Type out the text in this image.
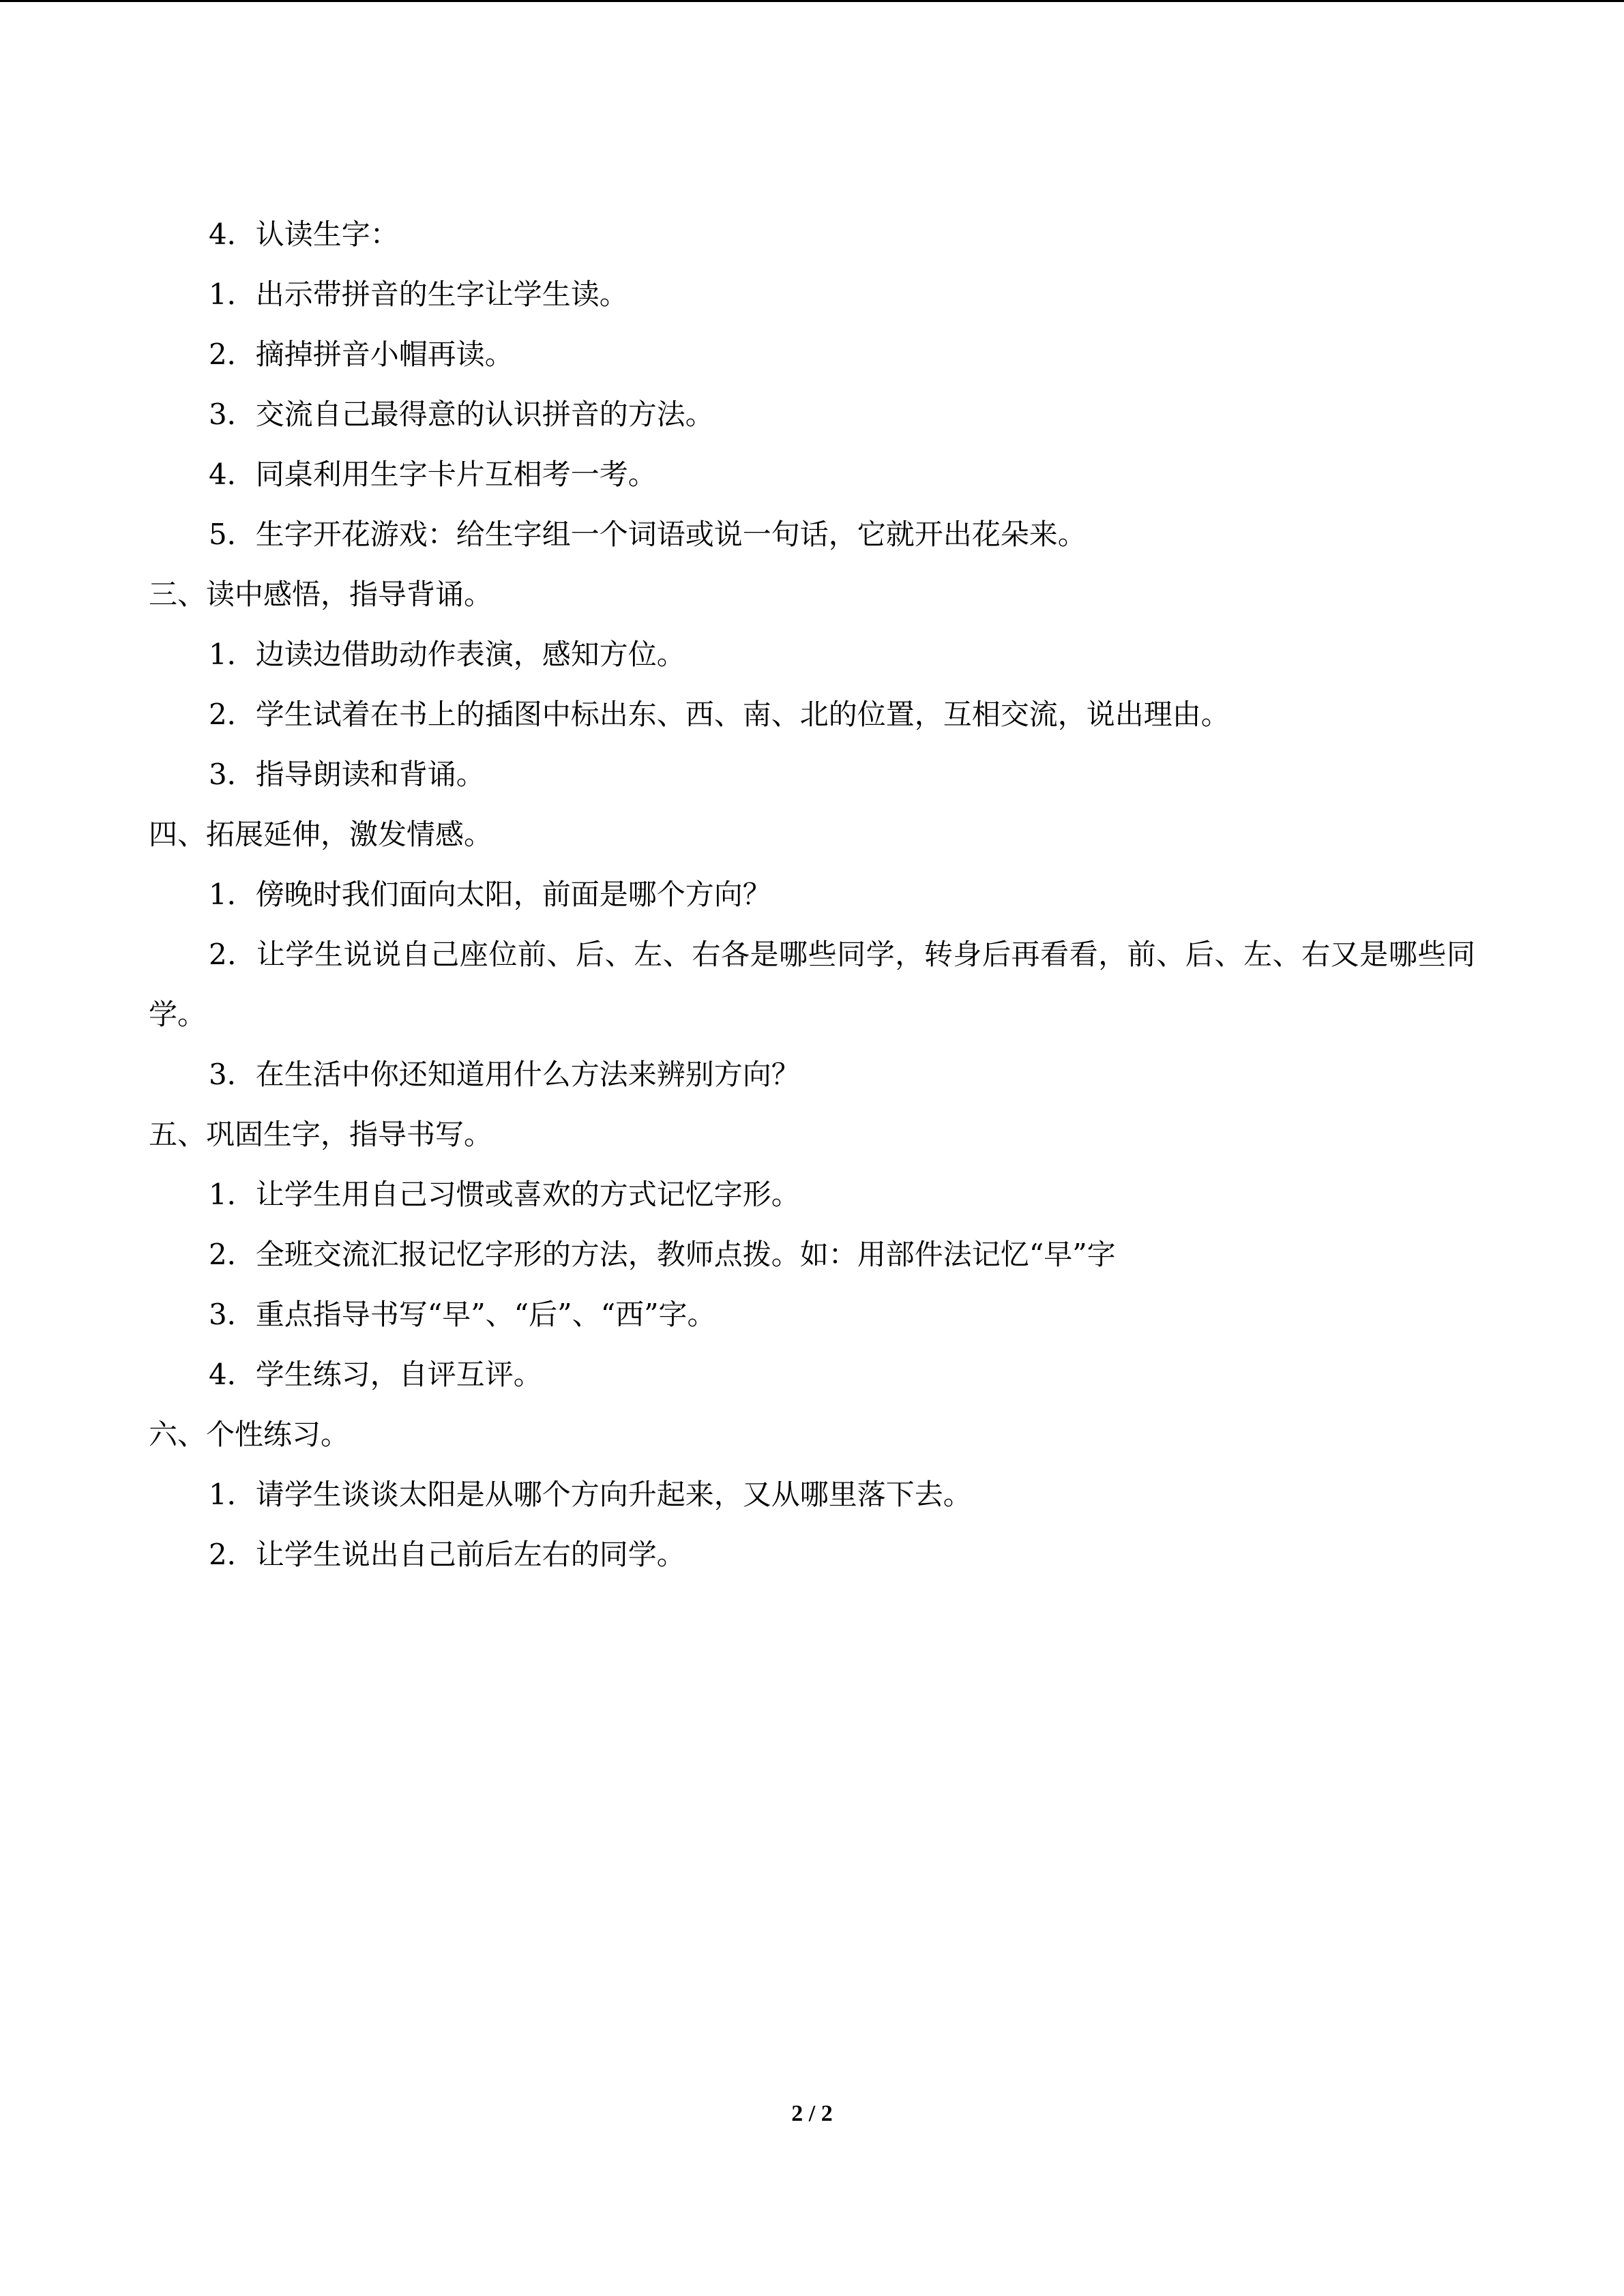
4．认读生字：

1．出示带拼音的生字让学生读。

2．摘掉拼音小帽再读。

3．交流自己最得意的认识拼音的方法。

4．同桌利用生字卡片互相考一考。

5．生字开花游戏：给生字组一个词语或说一句话，它就开出花朵来。

三、读中感悟，指导背诵。

1．边读边借助动作表演，感知方位。

2．学生试着在书上的插图中标出东、西、南、北的位置，互相交流，说出理由。

3．指导朗读和背诵。

四、拓展延伸，激发情感。

1．傍晚时我们面向太阳，前面是哪个方向？

2．让学生说说自己座位前、后、左、右各是哪些同学，转身后再看看，前、后、左、右又是哪些同学。

3．在生活中你还知道用什么方法来辨别方向？

五、巩固生字，指导书写。

1．让学生用自己习惯或喜欢的方式记忆字形。

2．全班交流汇报记忆字形的方法，教师点拨。如：用部件法记忆“早”字

3．重点指导书写“早”、“后”、“西”字。

4．学生练习，自评互评。

六、个性练习。

1．请学生谈谈太阳是从哪个方向升起来，又从哪里落下去。

2．让学生说出自己前后左右的同学。

2 / 2
